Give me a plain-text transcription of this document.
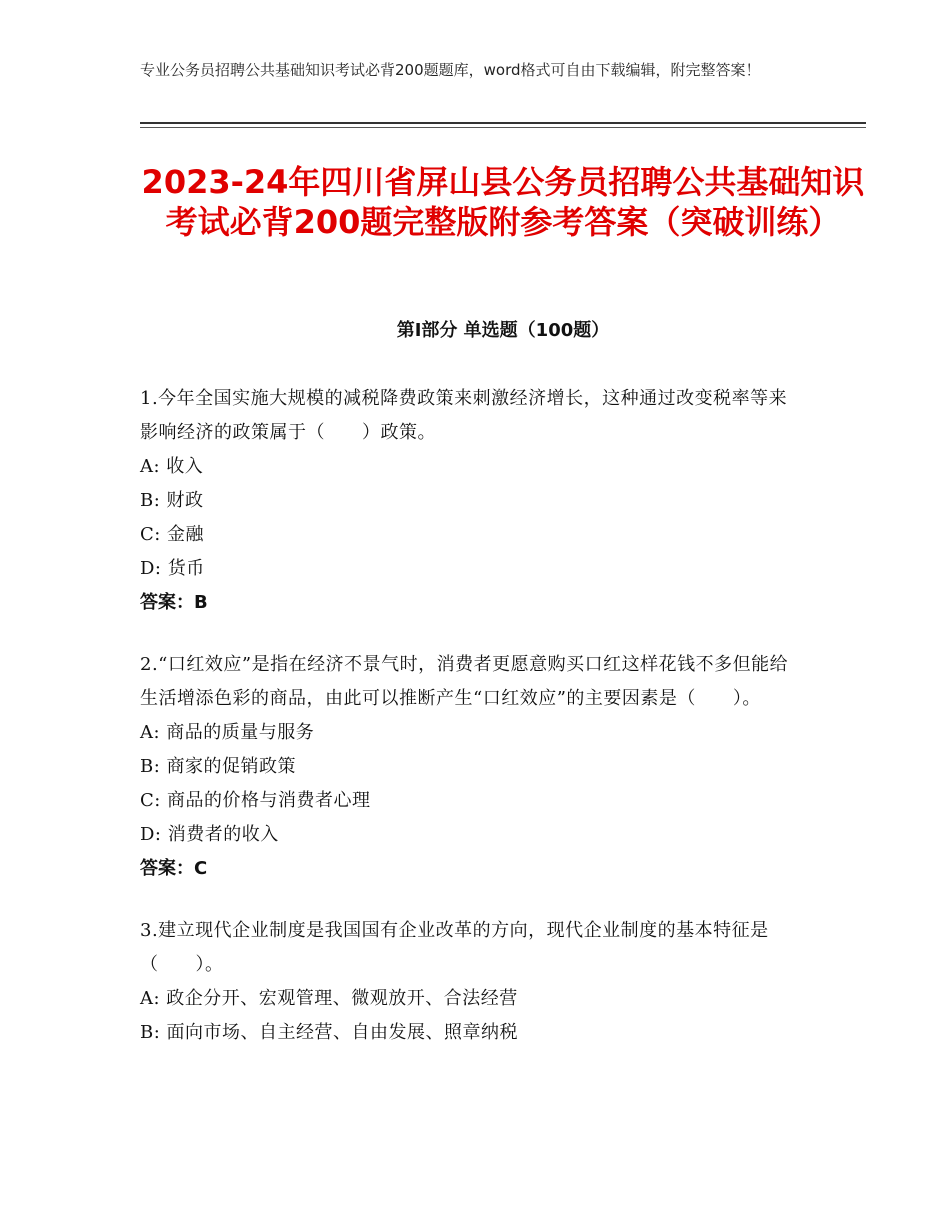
专业公务员招聘公共基础知识考试必背200题题库，word格式可自由下载编辑，附完整答案！
2023-24年四川省屏山县公务员招聘公共基础知识考试必背200题完整版附参考答案（突破训练）
第Ⅰ部分 单选题（100题）

1.今年全国实施大规模的减税降费政策来刺激经济增长，这种通过改变税率等来影响经济的政策属于（　　）政策。

A: 收入

B: 财政

C: 金融

D: 货币

答案：B

2.“口红效应”是指在经济不景气时，消费者更愿意购买口红这样花钱不多但能给生活增添色彩的商品，由此可以推断产生“口红效应”的主要因素是（　　）。

A: 商品的质量与服务

B: 商家的促销政策

C: 商品的价格与消费者心理

D: 消费者的收入

答案：C

3.建立现代企业制度是我国国有企业改革的方向，现代企业制度的基本特征是（　　）。

A: 政企分开、宏观管理、微观放开、合法经营

B: 面向市场、自主经营、自由发展、照章纳税
